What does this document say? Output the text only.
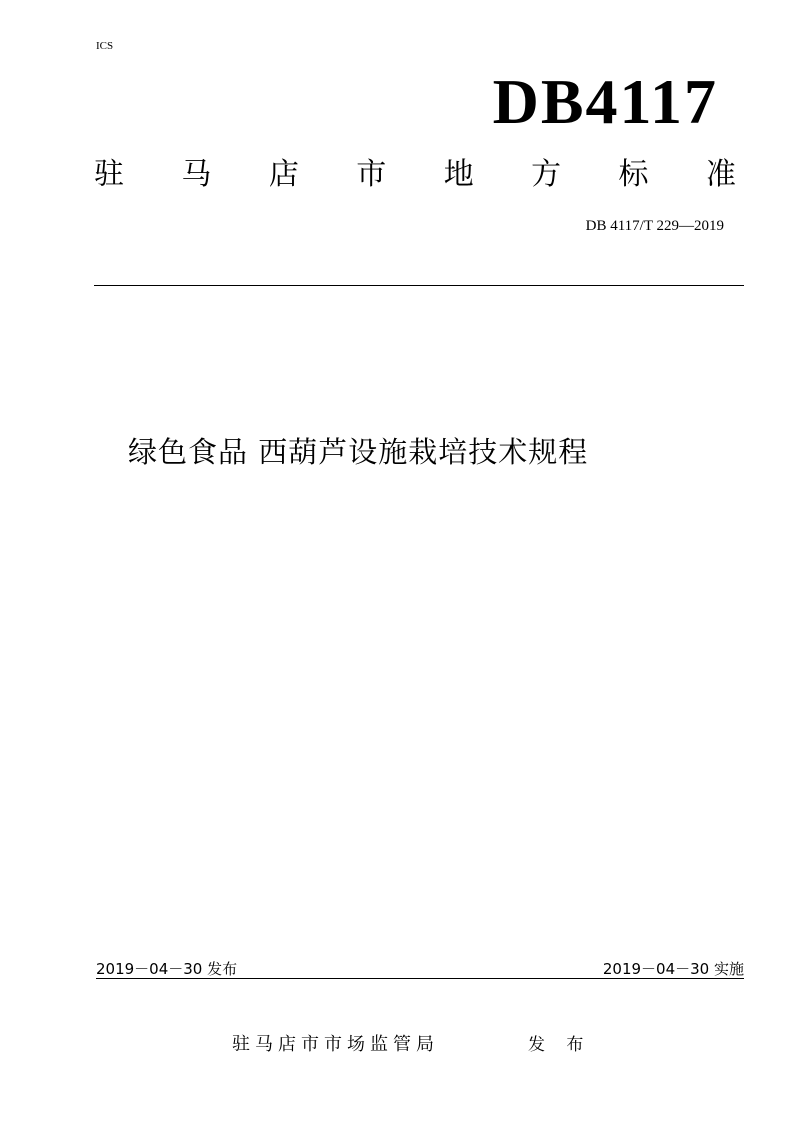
ICS
DB4117
驻 马 店 市 地 方 标 准
DB 4117/T 229—2019
绿色食品 西葫芦设施栽培技术规程
2019－04－30 发布	2019－04－30 实施
驻马店市市场监管局	发 布
